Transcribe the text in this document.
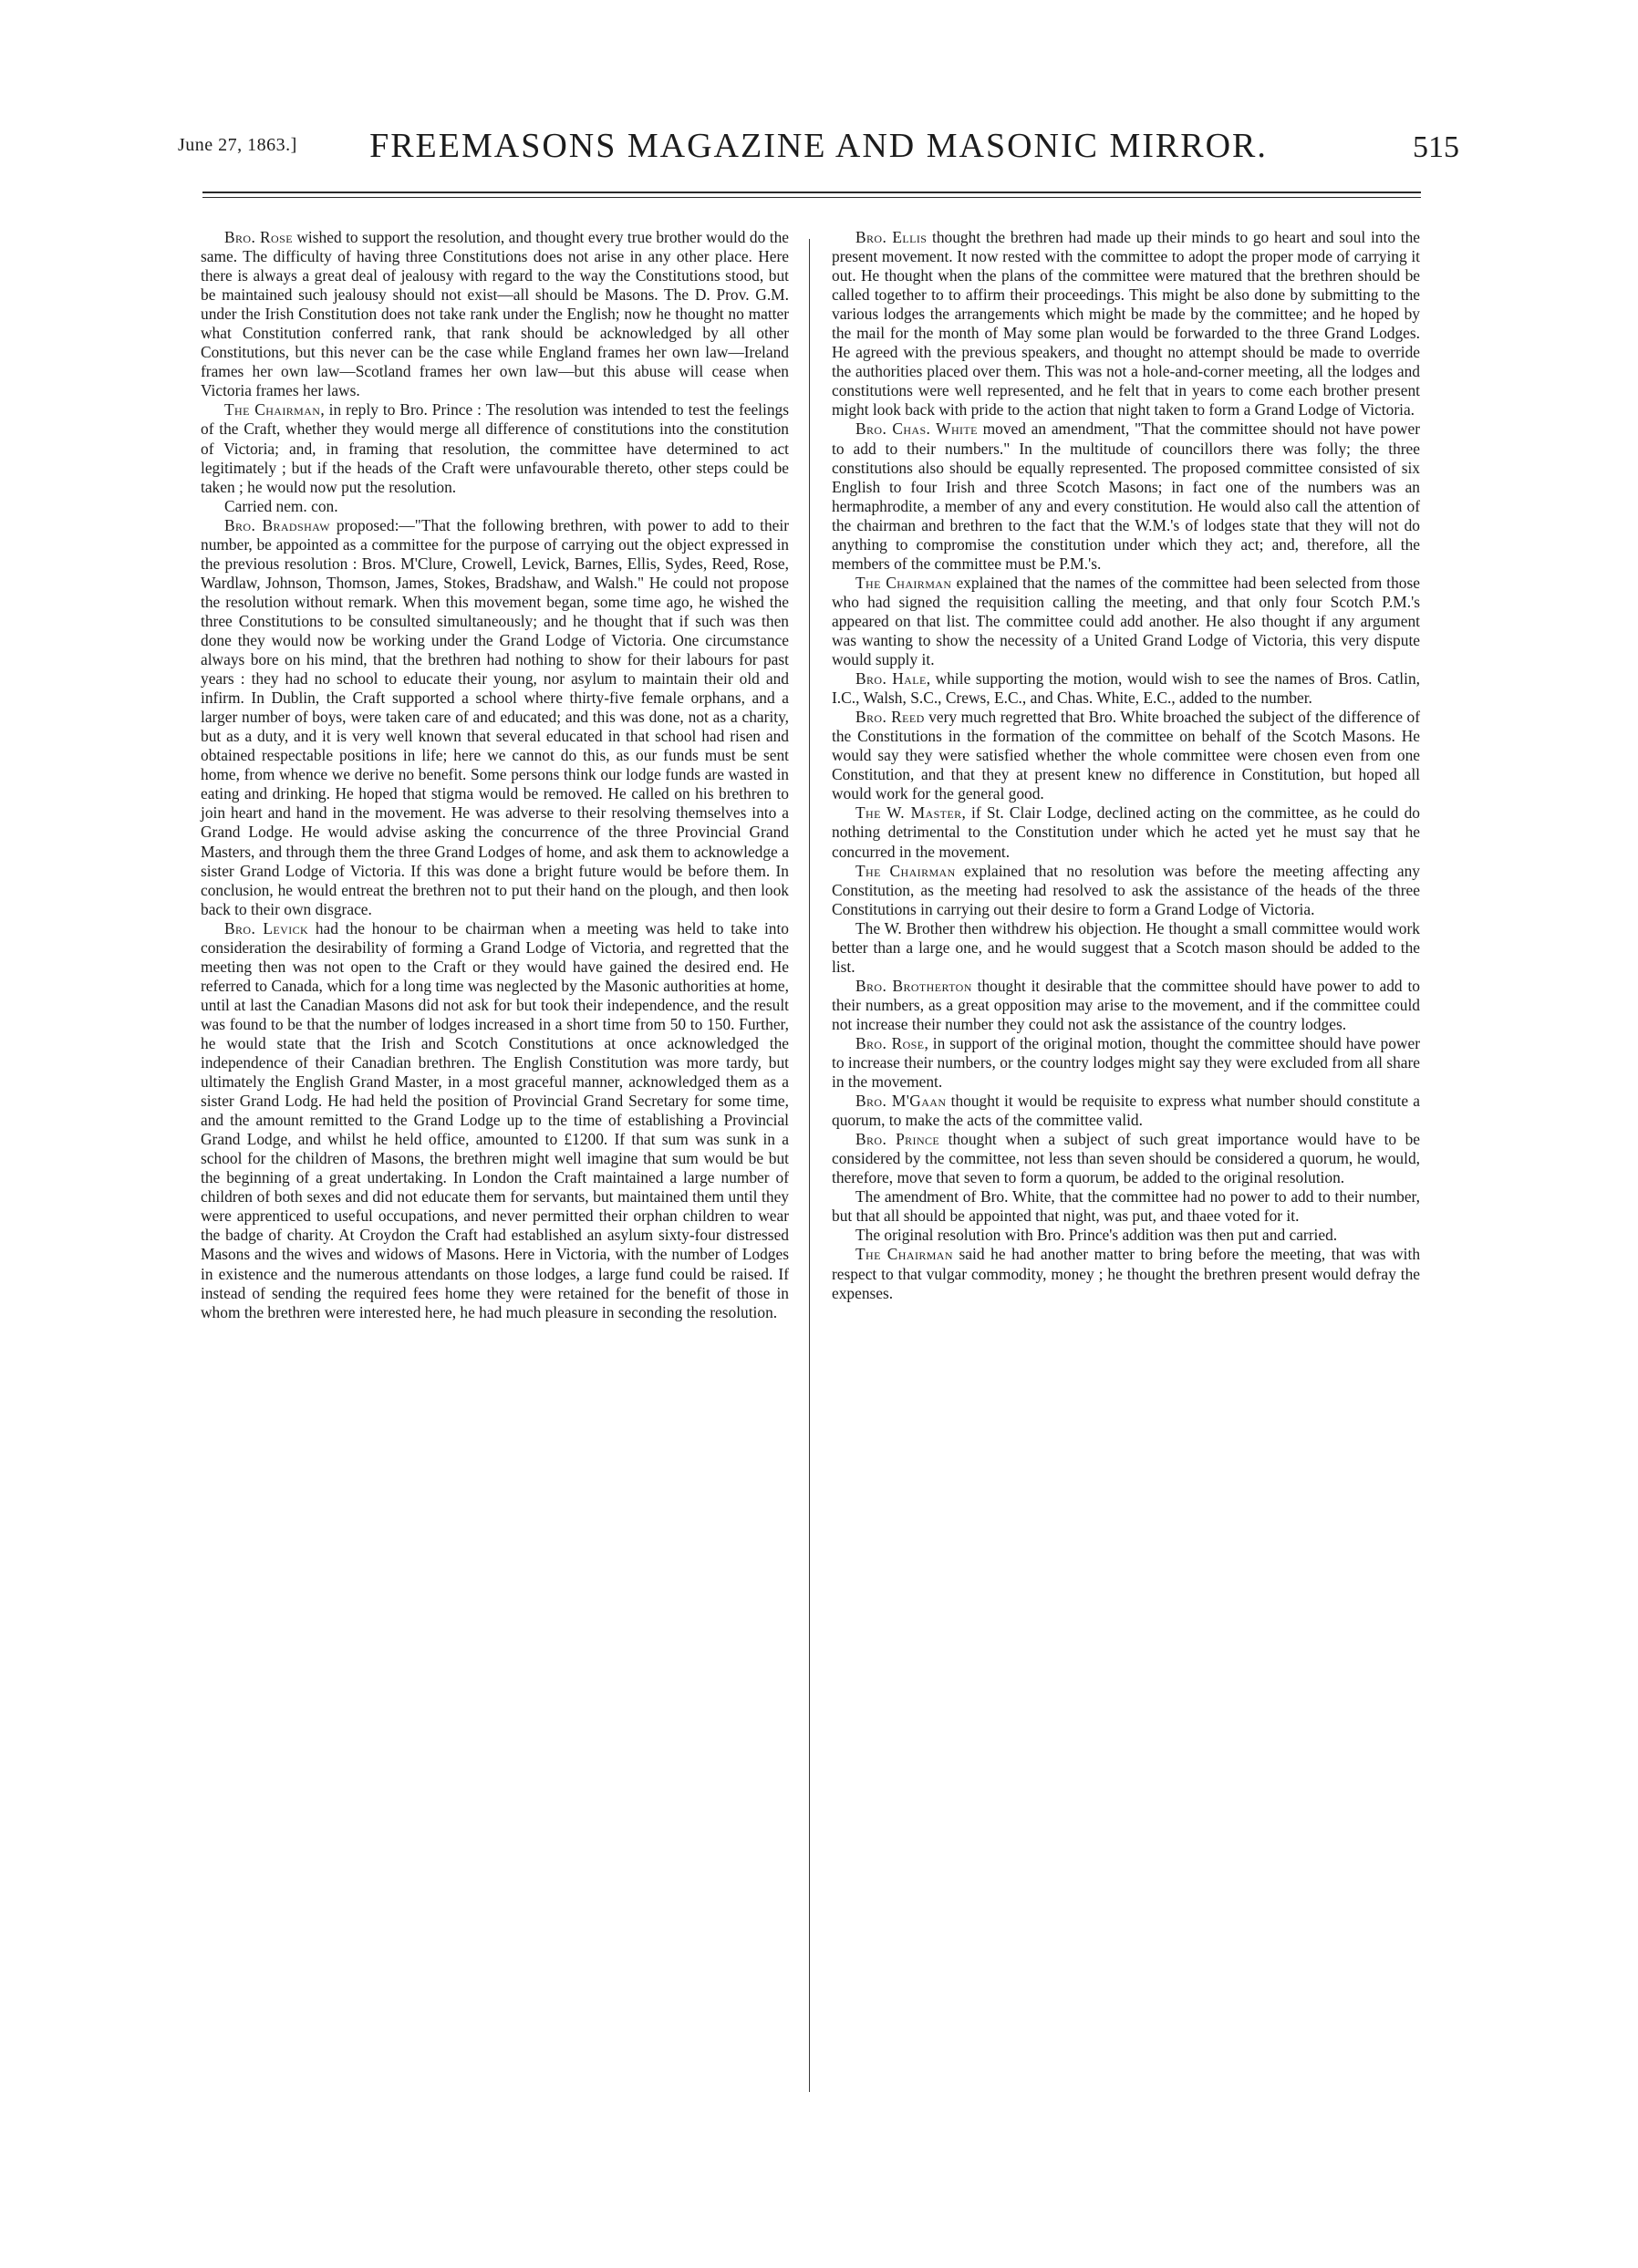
June 27, 1863.]	FREEMASONS MAGAZINE AND MASONIC MIRROR.	515

Bro. Rose wished to support the resolution, and thought every true brother would do the same. The difficulty of having three Constitutions does not arise in any other place. Here there is always a great deal of jealousy with regard to the way the Constitutions stood, but be maintained such jealousy should not exist—all should be Masons. The D. Prov. G.M. under the Irish Constitution does not take rank under the English; now he thought no matter what Constitution conferred rank, that rank should be acknowledged by all other Constitutions, but this never can be the case while England frames her own law—Ireland frames her own law—Scotland frames her own law—but this abuse will cease when Victoria frames her laws.

The Chairman, in reply to Bro. Prince : The resolution was intended to test the feelings of the Craft, whether they would merge all difference of constitutions into the constitution of Victoria; and, in framing that resolution, the committee have determined to act legitimately ; but if the heads of the Craft were unfavourable thereto, other steps could be taken ; he would now put the resolution.

Carried nem. con.

Bro. Bradshaw proposed:—"That the following brethren, with power to add to their number, be appointed as a committee for the purpose of carrying out the object expressed in the previous resolution : Bros. M'Clure, Crowell, Levick, Barnes, Ellis, Sydes, Reed, Rose, Wardlaw, Johnson, Thomson, James, Stokes, Bradshaw, and Walsh." He could not propose the resolution without remark. When this movement began, some time ago, he wished the three Constitutions to be consulted simultaneously; and he thought that if such was then done they would now be working under the Grand Lodge of Victoria. One circumstance always bore on his mind, that the brethren had nothing to show for their labours for past years : they had no school to educate their young, nor asylum to maintain their old and infirm. In Dublin, the Craft supported a school where thirty-five female orphans, and a larger number of boys, were taken care of and educated; and this was done, not as a charity, but as a duty, and it is very well known that several educated in that school had risen and obtained respectable positions in life; here we cannot do this, as our funds must be sent home, from whence we derive no benefit. Some persons think our lodge funds are wasted in eating and drinking. He hoped that stigma would be removed. He called on his brethren to join heart and hand in the movement. He was adverse to their resolving themselves into a Grand Lodge. He would advise asking the concurrence of the three Provincial Grand Masters, and through them the three Grand Lodges of home, and ask them to acknowledge a sister Grand Lodge of Victoria. If this was done a bright future would be before them. In conclusion, he would entreat the brethren not to put their hand on the plough, and then look back to their own disgrace.

Bro. Levick had the honour to be chairman when a meeting was held to take into consideration the desirability of forming a Grand Lodge of Victoria, and regretted that the meeting then was not open to the Craft or they would have gained the desired end. He referred to Canada, which for a long time was neglected by the Masonic authorities at home, until at last the Canadian Masons did not ask for but took their independence, and the result was found to be that the number of lodges increased in a short time from 50 to 150. Further, he would state that the Irish and Scotch Constitutions at once acknowledged the independence of their Canadian brethren. The English Constitution was more tardy, but ultimately the English Grand Master, in a most graceful manner, acknowledged them as a sister Grand Lodg. He had held the position of Provincial Grand Secretary for some time, and the amount remitted to the Grand Lodge up to the time of establishing a Provincial Grand Lodge, and whilst he held office, amounted to £1200. If that sum was sunk in a school for the children of Masons, the brethren might well imagine that sum would be but the beginning of a great undertaking. In London the Craft maintained a large number of children of both sexes and did not educate them for servants, but maintained them until they were apprenticed to useful occupations, and never permitted their orphan children to wear the badge of charity. At Croydon the Craft had established an asylum sixty-four distressed Masons and the wives and widows of Masons. Here in Victoria, with the number of Lodges in existence and the numerous attendants on those lodges, a large fund could be raised. If instead of sending the required fees home they were retained for the benefit of those in whom the brethren were interested here, he had much pleasure in seconding the resolution.

Bro. Ellis thought the brethren had made up their minds to go heart and soul into the present movement. It now rested with the committee to adopt the proper mode of carrying it out. He thought when the plans of the committee were matured that the brethren should be called together to to affirm their proceedings. This might be also done by submitting to the various lodges the arrangements which might be made by the committee; and he hoped by the mail for the month of May some plan would be forwarded to the three Grand Lodges. He agreed with the previous speakers, and thought no attempt should be made to override the authorities placed over them. This was not a hole-and-corner meeting, all the lodges and constitutions were well represented, and he felt that in years to come each brother present might look back with pride to the action that night taken to form a Grand Lodge of Victoria.

Bro. Chas. White moved an amendment, "That the committee should not have power to add to their numbers." In the multitude of councillors there was folly; the three constitutions also should be equally represented. The proposed committee consisted of six English to four Irish and three Scotch Masons; in fact one of the numbers was an hermaphrodite, a member of any and every constitution. He would also call the attention of the chairman and brethren to the fact that the W.M.'s of lodges state that they will not do anything to compromise the constitution under which they act; and, therefore, all the members of the committee must be P.M.'s.

The Chairman explained that the names of the committee had been selected from those who had signed the requisition calling the meeting, and that only four Scotch P.M.'s appeared on that list. The committee could add another. He also thought if any argument was wanting to show the necessity of a United Grand Lodge of Victoria, this very dispute would supply it.

Bro. Hale, while supporting the motion, would wish to see the names of Bros. Catlin, I.C., Walsh, S.C., Crews, E.C., and Chas. White, E.C., added to the number.

Bro. Reed very much regretted that Bro. White broached the subject of the difference of the Constitutions in the formation of the committee on behalf of the Scotch Masons. He would say they were satisfied whether the whole committee were chosen even from one Constitution, and that they at present knew no difference in Constitution, but hoped all would work for the general good.

The W. Master, if St. Clair Lodge, declined acting on the committee, as he could do nothing detrimental to the Constitution under which he acted yet he must say that he concurred in the movement.

The Chairman explained that no resolution was before the meeting affecting any Constitution, as the meeting had resolved to ask the assistance of the heads of the three Constitutions in carrying out their desire to form a Grand Lodge of Victoria.

The W. Brother then withdrew his objection. He thought a small committee would work better than a large one, and he would suggest that a Scotch mason should be added to the list.

Bro. Brotherton thought it desirable that the committee should have power to add to their numbers, as a great opposition may arise to the movement, and if the committee could not increase their number they could not ask the assistance of the country lodges.

Bro. Rose, in support of the original motion, thought the committee should have power to increase their numbers, or the country lodges might say they were excluded from all share in the movement.

Bro. M'Gaan thought it would be requisite to express what number should constitute a quorum, to make the acts of the committee valid.

Bro. Prince thought when a subject of such great importance would have to be considered by the committee, not less than seven should be considered a quorum, he would, therefore, move that seven to form a quorum, be added to the original resolution.

The amendment of Bro. White, that the committee had no power to add to their number, but that all should be appointed that night, was put, and thaee voted for it.

The original resolution with Bro. Prince's addition was then put and carried.

The Chairman said he had another matter to bring before the meeting, that was with respect to that vulgar commodity, money ; he thought the brethren present would defray the expenses.
